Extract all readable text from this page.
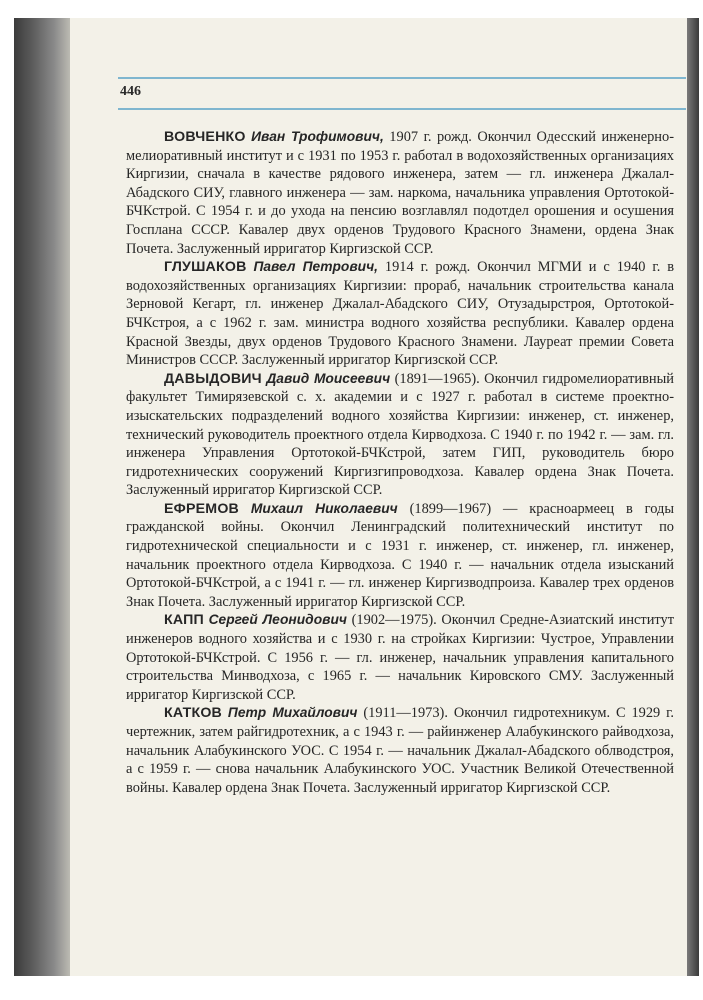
446

ВОВЧЕНКО Иван Трофимович, 1907 г. рожд. Окончил Одесский инженерно-мелиоративный институт и с 1931 по 1953 г. работал в водохозяйственных организациях Киргизии, сначала в качестве рядового инженера, затем — гл. инженера Джалал-Абадского СИУ, главного инженера — зам. наркома, начальника управления Ортотокой-БЧКстрой. С 1954 г. и до ухода на пенсию возглавлял подотдел орошения и осушения Госплана СССР. Кавалер двух орденов Трудового Красного Знамени, ордена Знак Почета. Заслуженный ирригатор Киргизской ССР.

ГЛУШАКОВ Павел Петрович, 1914 г. рожд. Окончил МГМИ и с 1940 г. в водохозяйственных организациях Киргизии: прораб, начальник строительства канала Зерновой Кегарт, гл. инженер Джалал-Абадского СИУ, Отузадырстроя, Ортотокой-БЧКстроя, а с 1962 г. зам. министра водного хозяйства республики. Кавалер ордена Красной Звезды, двух орденов Трудового Красного Знамени. Лауреат премии Совета Министров СССР. Заслуженный ирригатор Киргизской ССР.

ДАВЫДОВИЧ Давид Моисеевич (1891—1965). Окончил гидромелиоративный факультет Тимирязевской с. х. академии и с 1927 г. работал в системе проектно-изыскательских подразделений водного хозяйства Киргизии: инженер, ст. инженер, технический руководитель проектного отдела Кирводхоза. С 1940 г. по 1942 г. — зам. гл. инженера Управления Ортотокой-БЧКстрой, затем ГИП, руководитель бюро гидротехнических сооружений Киргизгипроводхоза. Кавалер ордена Знак Почета. Заслуженный ирригатор Киргизской ССР.

ЕФРЕМОВ Михаил Николаевич (1899—1967) — красноармеец в годы гражданской войны. Окончил Ленинградский политехнический институт по гидротехнической специальности и с 1931 г. инженер, ст. инженер, гл. инженер, начальник проектного отдела Кирводхоза. С 1940 г. — начальник отдела изысканий Ортотокой-БЧКстрой, а с 1941 г. — гл. инженер Киргизводпроиза. Кавалер трех орденов Знак Почета. Заслуженный ирригатор Киргизской ССР.

КАПП Сергей Леонидович (1902—1975). Окончил Средне-Азиатский институт инженеров водного хозяйства и с 1930 г. на стройках Киргизии: Чустрое, Управлении Ортотокой-БЧКстрой. С 1956 г. — гл. инженер, начальник управления капитального строительства Минводхоза, с 1965 г. — начальник Кировского СМУ. Заслуженный ирригатор Киргизской ССР.

КАТКОВ Петр Михайлович (1911—1973). Окончил гидротехникум. С 1929 г. чертежник, затем райгидротехник, а с 1943 г. — райинженер Алабукинского райводхоза, начальник Алабукинского УОС. С 1954 г. — начальник Джалал-Абадского облводстроя, а с 1959 г. — снова начальник Алабукинского УОС. Участник Великой Отечественной войны. Кавалер ордена Знак Почета. Заслуженный ирригатор Киргизской ССР.
